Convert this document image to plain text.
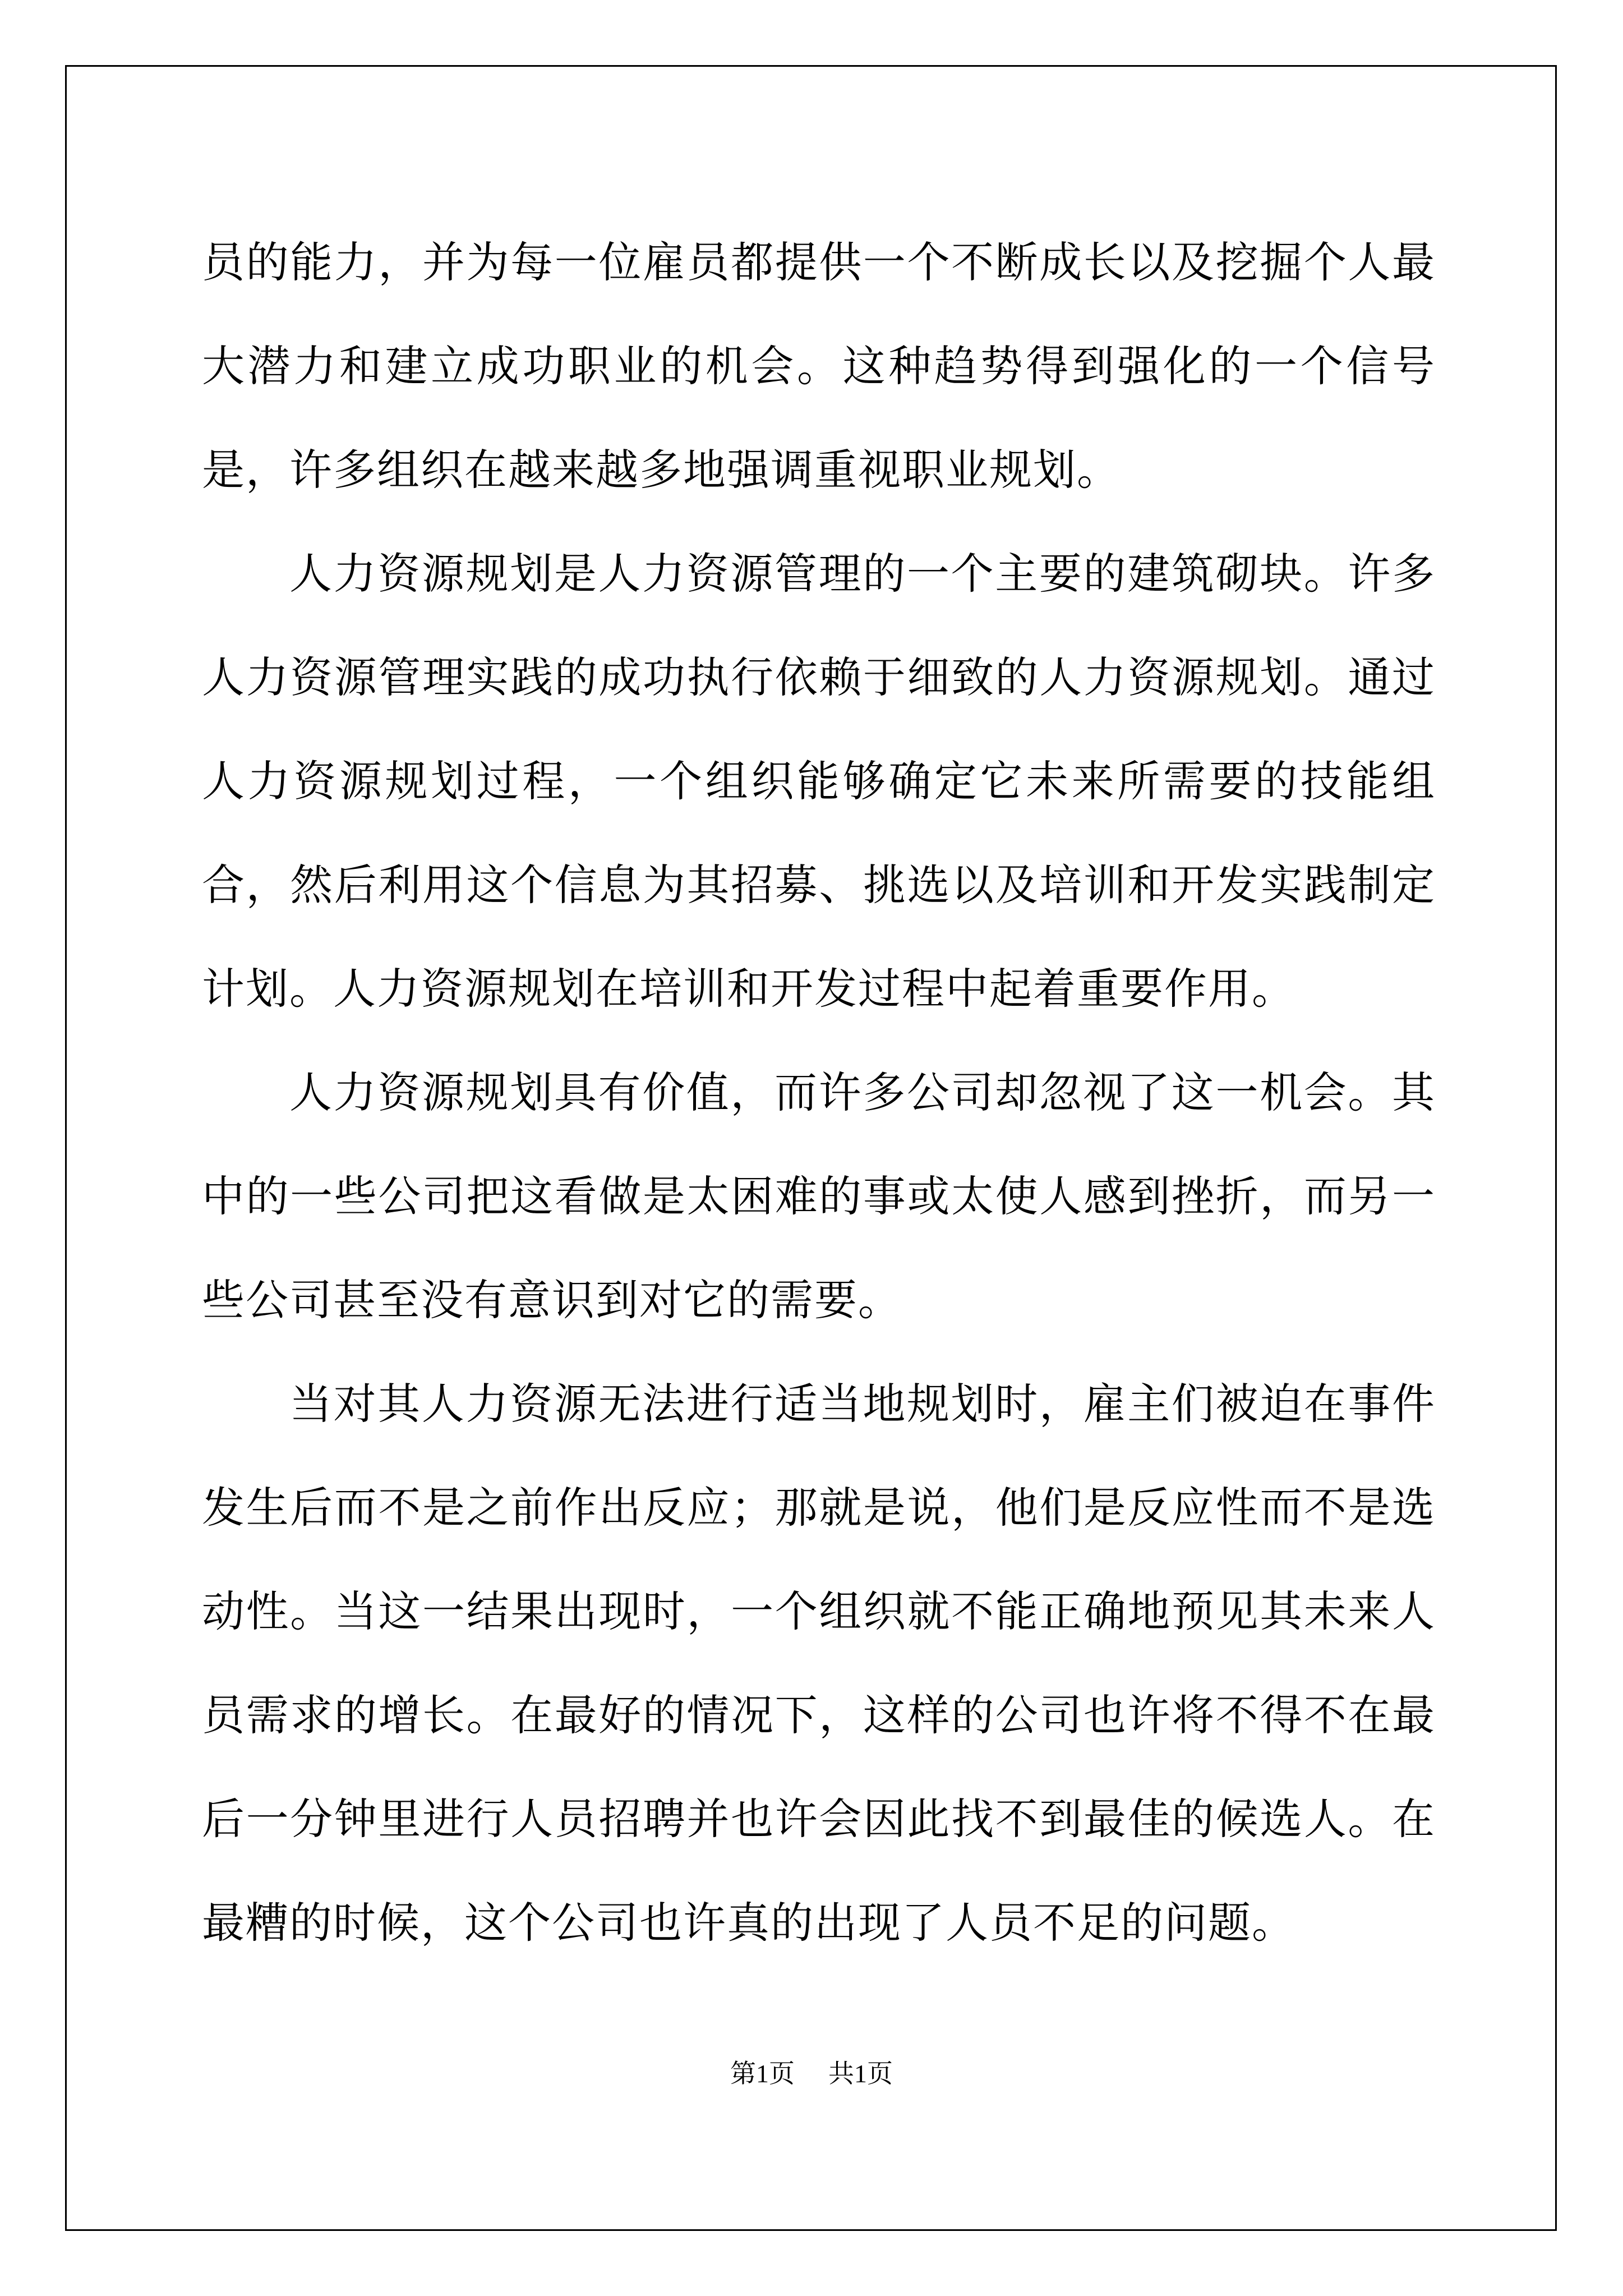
员的能力，并为每一位雇员都提供一个不断成长以及挖掘个人最大潜力和建立成功职业的机会。这种趋势得到强化的一个信号是，许多组织在越来越多地强调重视职业规划。

人力资源规划是人力资源管理的一个主要的建筑砌块。许多人力资源管理实践的成功执行依赖于细致的人力资源规划。通过人力资源规划过程，一个组织能够确定它未来所需要的技能组合，然后利用这个信息为其招募、挑选以及培训和开发实践制定计划。人力资源规划在培训和开发过程中起着重要作用。

人力资源规划具有价值，而许多公司却忽视了这一机会。其中的一些公司把这看做是太困难的事或太使人感到挫折，而另一些公司甚至没有意识到对它的需要。

当对其人力资源无法进行适当地规划时，雇主们被迫在事件发生后而不是之前作出反应；那就是说，他们是反应性而不是选动性。当这一结果出现时，一个组织就不能正确地预见其未来人员需求的增长。在最好的情况下，这样的公司也许将不得不在最后一分钟里进行人员招聘并也许会因此找不到最佳的候选人。在最糟的时候，这个公司也许真的出现了人员不足的问题。

第1页 共1页
